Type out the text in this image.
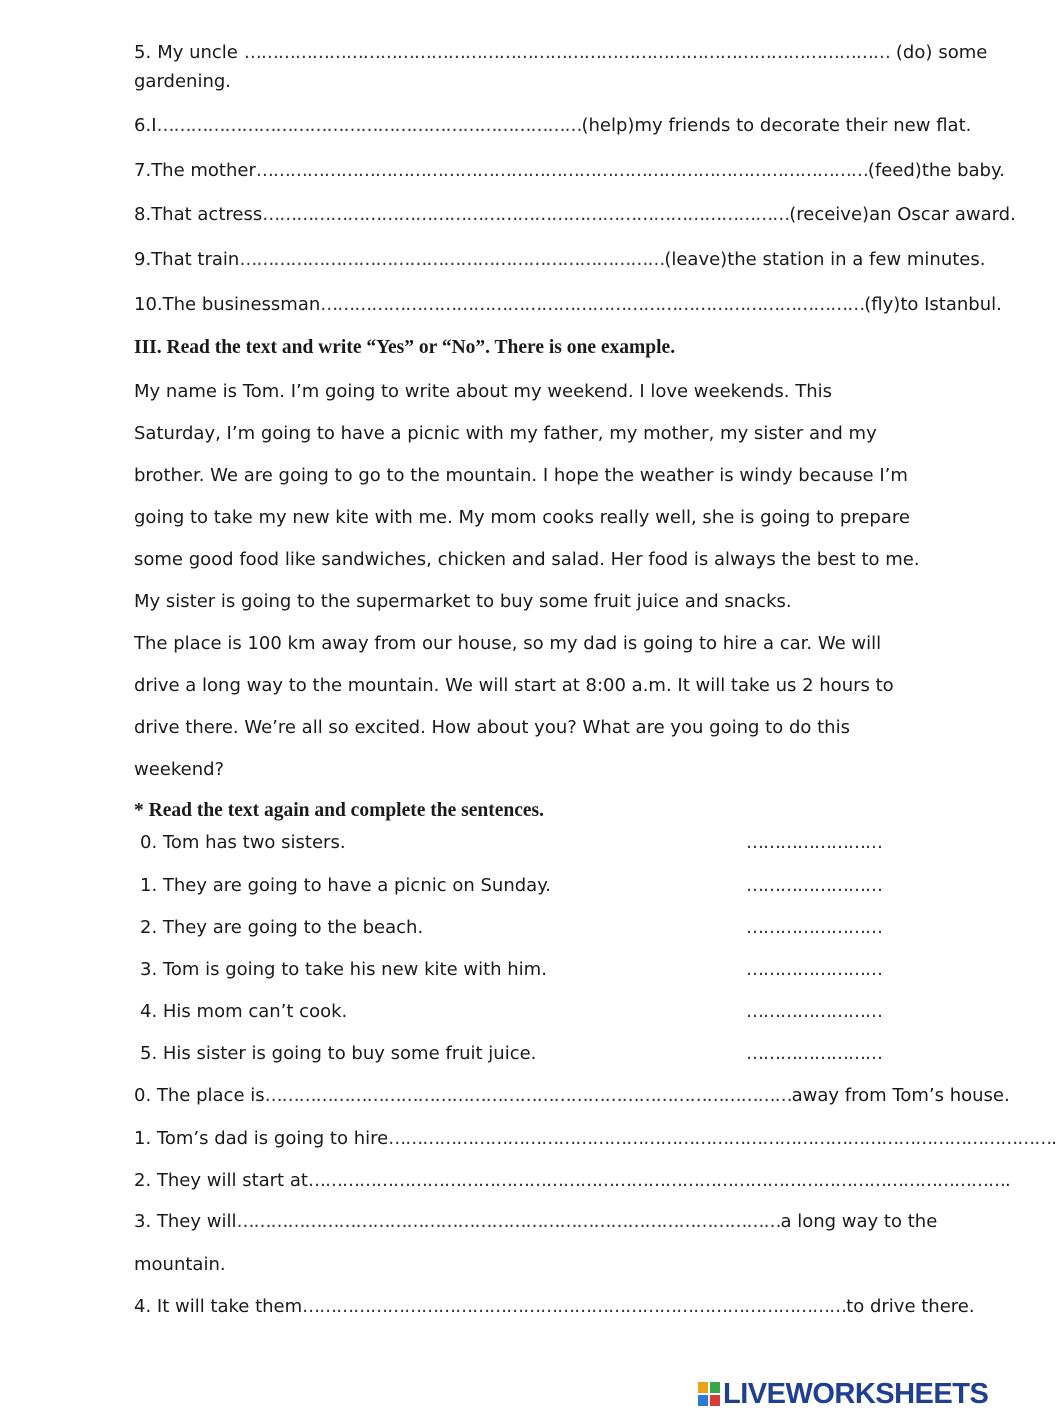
5. My uncle …………………………………………………………………………………………………… (do) some
gardening.
6. I ………………………………………………………………… (help) my friends to decorate their new flat.
7. The mother ……………………………………………………………………………………………… (feed) the baby.
8. That actress ………………………………………………………………………………… (receive) an Oscar award.
9. That train ………………………………………………………………… (leave) the station in a few minutes.
10. The businessman …………………………………………………………………………………… (fly) to Istanbul.
III. Read the text and write “Yes” or “No”. There is one example.
My name is Tom. I’m going to write about my weekend. I love weekends. This
Saturday, I’m going to have a picnic with my father, my mother, my sister and my
brother. We are going to go to the mountain. I hope the weather is windy because I’m
going to take my new kite with me. My mom cooks really well, she is going to prepare
some good food like sandwiches, chicken and salad. Her food is always the best to me.
My sister is going to the supermarket to buy some fruit juice and snacks.
The place is 100 km away from our house, so my dad is going to hire a car. We will
drive a long way to the mountain. We will start at 8:00 a.m. It will take us 2 hours to
drive there. We’re all so excited. How about you? What are you going to do this
weekend?
* Read the text again and complete the sentences.
0. Tom has two sisters.	……………………
1. They are going to have a picnic on Sunday.	……………………
2. They are going to the beach.	……………………
3. Tom is going to take his new kite with him.	……………………
4. His mom can’t cook.	……………………
5. His sister is going to buy some fruit juice.	……………………
0. The place is ………………………………………………………………………………… away from Tom’s house.
1. Tom’s dad is going to hire ……………………………………………………………………………………………………… .
2. They will start at …………………………………………………………………………………………………………… .
3. They will …………………………………………………………………………………… a long way to the
mountain.
4. It will take them …………………………………………………………………………………… to drive there.
LIVEWORKSHEETS
